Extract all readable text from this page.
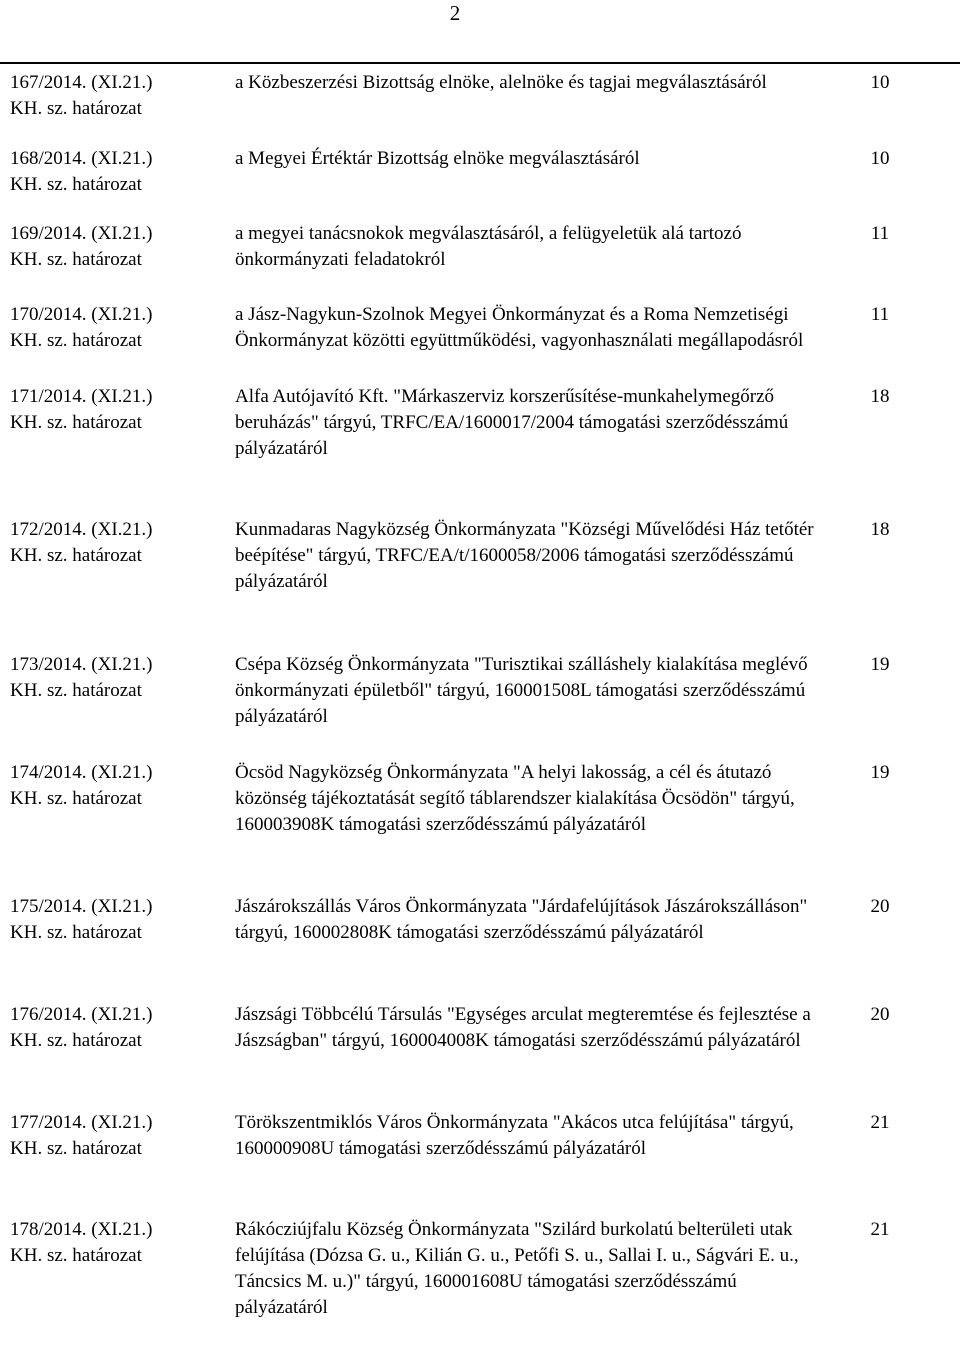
2
167/2014. (XI.21.)
KH. sz. határozat
a Közbeszerzési Bizottság elnöke, alelnöke és tagjai megválasztásáról	10
168/2014. (XI.21.)
KH. sz. határozat
a Megyei Értéktár Bizottság elnöke megválasztásáról	10
169/2014. (XI.21.)
KH. sz. határozat
a megyei tanácsnokok megválasztásáról, a felügyeletük alá tartozó önkormányzati feladatokról
11
170/2014. (XI.21.)
KH. sz. határozat
a Jász-Nagykun-Szolnok Megyei Önkormányzat és a Roma Nemzetiségi Önkormányzat közötti együttműködési, vagyonhasználati megállapodásról
11
171/2014. (XI.21.)
KH. sz. határozat
Alfa Autójavító Kft. "Márkaszerviz korszerűsítése-munkahelymegőrző beruházás" tárgyú, TRFC/EA/1600017/2004 támogatási szerződésszámú pályázatáról
18
172/2014. (XI.21.)
KH. sz. határozat
Kunmadaras Nagyközség Önkormányzata "Községi Művelődési Ház tetőtér beépítése" tárgyú, TRFC/EA/t/1600058/2006 támogatási szerződésszámú pályázatáról
18
173/2014. (XI.21.)
KH. sz. határozat
Csépa Község Önkormányzata "Turisztikai szálláshely kialakítása meglévő önkormányzati épületből" tárgyú, 160001508L támogatási szerződésszámú pályázatáról
19
174/2014. (XI.21.)
KH. sz. határozat
Öcsöd Nagyközség Önkormányzata "A helyi lakosság, a cél és átutazó közönség tájékoztatását segítő táblarendszer kialakítása Öcsödön" tárgyú, 160003908K támogatási szerződésszámú pályázatáról
19
175/2014. (XI.21.)
KH. sz. határozat
Jászárokszállás Város Önkormányzata "Járdafelújítások Jászárokszálláson" tárgyú, 160002808K támogatási szerződésszámú pályázatáról
20
176/2014. (XI.21.)
KH. sz. határozat
Jászsági Többcélú Társulás "Egységes arculat megteremtése és fejlesztése a Jászságban" tárgyú, 160004008K támogatási szerződésszámú pályázatáról
20
177/2014. (XI.21.)
KH. sz. határozat
Törökszentmiklós Város Önkormányzata "Akácos utca felújítása" tárgyú, 160000908U támogatási szerződésszámú pályázatáról
21
178/2014. (XI.21.)
KH. sz. határozat
Rákócziújfalu Község Önkormányzata "Szilárd burkolatú belterületi utak felújítása (Dózsa G. u., Kilián G. u., Petőfi S. u., Sallai I. u., Ságvári E. u., Táncsics M. u.)" tárgyú, 160001608U támogatási szerződésszámú pályázatáról
21
